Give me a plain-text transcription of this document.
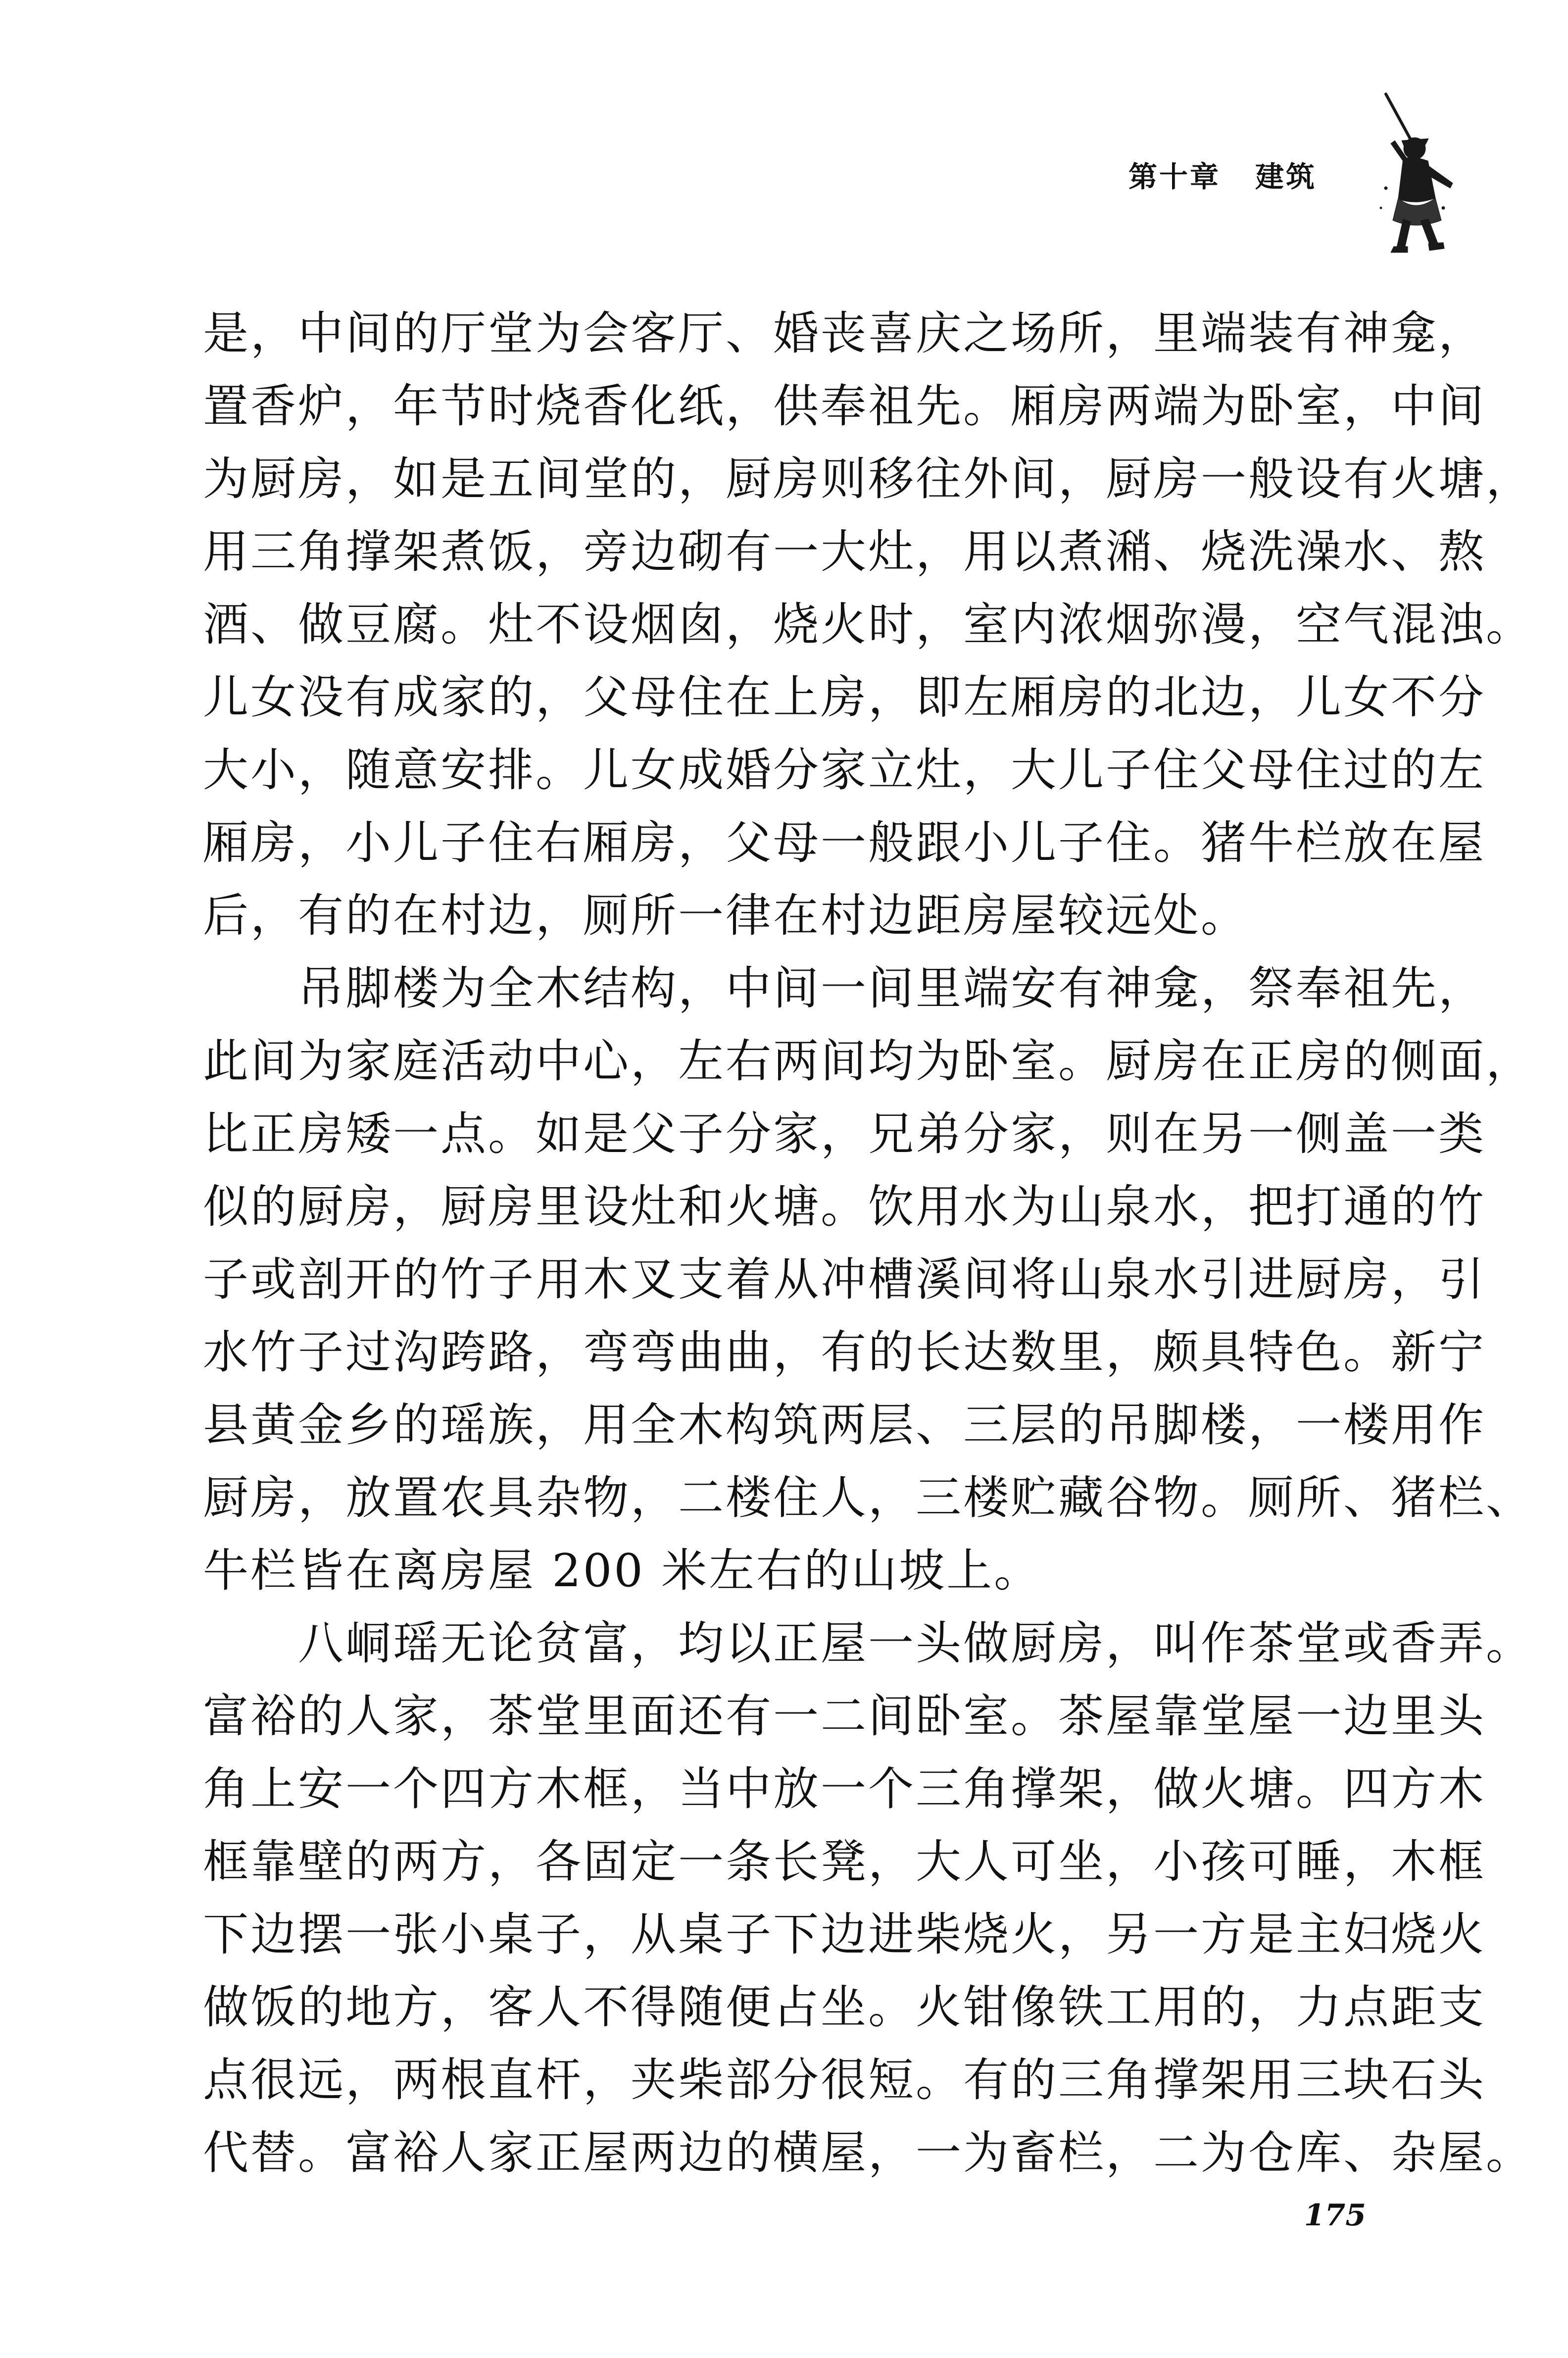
第十章 建筑
是，中间的厅堂为会客厅、婚丧喜庆之场所，里端装有神龛，
置香炉，年节时烧香化纸，供奉祖先。厢房两端为卧室，中间
为厨房，如是五间堂的，厨房则移往外间，厨房一般设有火塘，
用三角撑架煮饭，旁边砌有一大灶，用以煮潲、烧洗澡水、熬
酒、做豆腐。灶不设烟囱，烧火时，室内浓烟弥漫，空气混浊。
儿女没有成家的，父母住在上房，即左厢房的北边，儿女不分
大小，随意安排。儿女成婚分家立灶，大儿子住父母住过的左
厢房，小儿子住右厢房，父母一般跟小儿子住。猪牛栏放在屋
后，有的在村边，厕所一律在村边距房屋较远处。
　　吊脚楼为全木结构，中间一间里端安有神龛，祭奉祖先，
此间为家庭活动中心，左右两间均为卧室。厨房在正房的侧面，
比正房矮一点。如是父子分家，兄弟分家，则在另一侧盖一类
似的厨房，厨房里设灶和火塘。饮用水为山泉水，把打通的竹
子或剖开的竹子用木叉支着从冲槽溪间将山泉水引进厨房，引
水竹子过沟跨路，弯弯曲曲，有的长达数里，颇具特色。新宁
县黄金乡的瑶族，用全木构筑两层、三层的吊脚楼，一楼用作
厨房，放置农具杂物，二楼住人，三楼贮藏谷物。厕所、猪栏、
牛栏皆在离房屋 200 米左右的山坡上。
　　八峒瑶无论贫富，均以正屋一头做厨房，叫作茶堂或香弄。
富裕的人家，茶堂里面还有一二间卧室。茶屋靠堂屋一边里头
角上安一个四方木框，当中放一个三角撑架，做火塘。四方木
框靠壁的两方，各固定一条长凳，大人可坐，小孩可睡，木框
下边摆一张小桌子，从桌子下边进柴烧火，另一方是主妇烧火
做饭的地方，客人不得随便占坐。火钳像铁工用的，力点距支
点很远，两根直杆，夹柴部分很短。有的三角撑架用三块石头
代替。富裕人家正屋两边的横屋，一为畜栏，二为仓库、杂屋。
175
